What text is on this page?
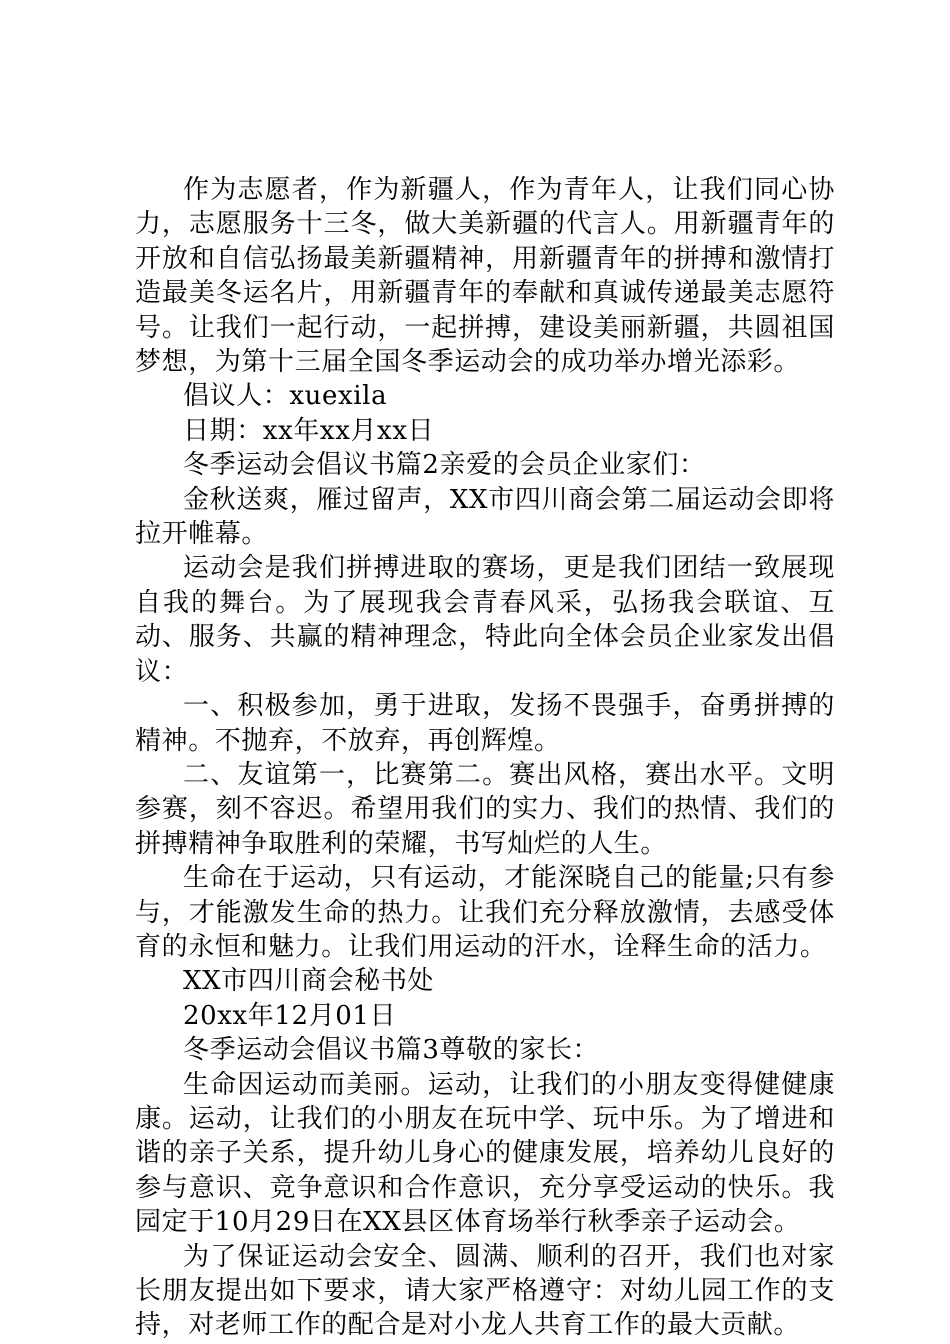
作为志愿者，作为新疆人，作为青年人，让我们同心协力，志愿服务十三冬，做大美新疆的代言人。用新疆青年的开放和自信弘扬最美新疆精神，用新疆青年的拼搏和激情打造最美冬运名片，用新疆青年的奉献和真诚传递最美志愿符号。让我们一起行动，一起拼搏，建设美丽新疆，共圆祖国梦想，为第十三届全国冬季运动会的成功举办增光添彩。

倡议人：xuexila

日期：xx年xx月xx日

冬季运动会倡议书篇2亲爱的会员企业家们：

金秋送爽，雁过留声，XX市四川商会第二届运动会即将拉开帷幕。

运动会是我们拼搏进取的赛场，更是我们团结一致展现自我的舞台。为了展现我会青春风采，弘扬我会联谊、互动、服务、共赢的精神理念，特此向全体会员企业家发出倡议：

一、积极参加，勇于进取，发扬不畏强手，奋勇拼搏的精神。不抛弃，不放弃，再创辉煌。

二、友谊第一，比赛第二。赛出风格，赛出水平。文明参赛，刻不容迟。希望用我们的实力、我们的热情、我们的拼搏精神争取胜利的荣耀，书写灿烂的人生。

生命在于运动，只有运动，才能深晓自己的能量;只有参与，才能激发生命的热力。让我们充分释放激情，去感受体育的永恒和魅力。让我们用运动的汗水，诠释生命的活力。

XX市四川商会秘书处

20xx年12月01日

冬季运动会倡议书篇3尊敬的家长：

生命因运动而美丽。运动，让我们的小朋友变得健健康康。运动，让我们的小朋友在玩中学、玩中乐。为了增进和谐的亲子关系，提升幼儿身心的健康发展，培养幼儿良好的参与意识、竞争意识和合作意识，充分享受运动的快乐。我园定于10月29日在XX县区体育场举行秋季亲子运动会。

为了保证运动会安全、圆满、顺利的召开，我们也对家长朋友提出如下要求，请大家严格遵守：对幼儿园工作的支持，对老师工作的配合是对小龙人共育工作的最大贡献。
